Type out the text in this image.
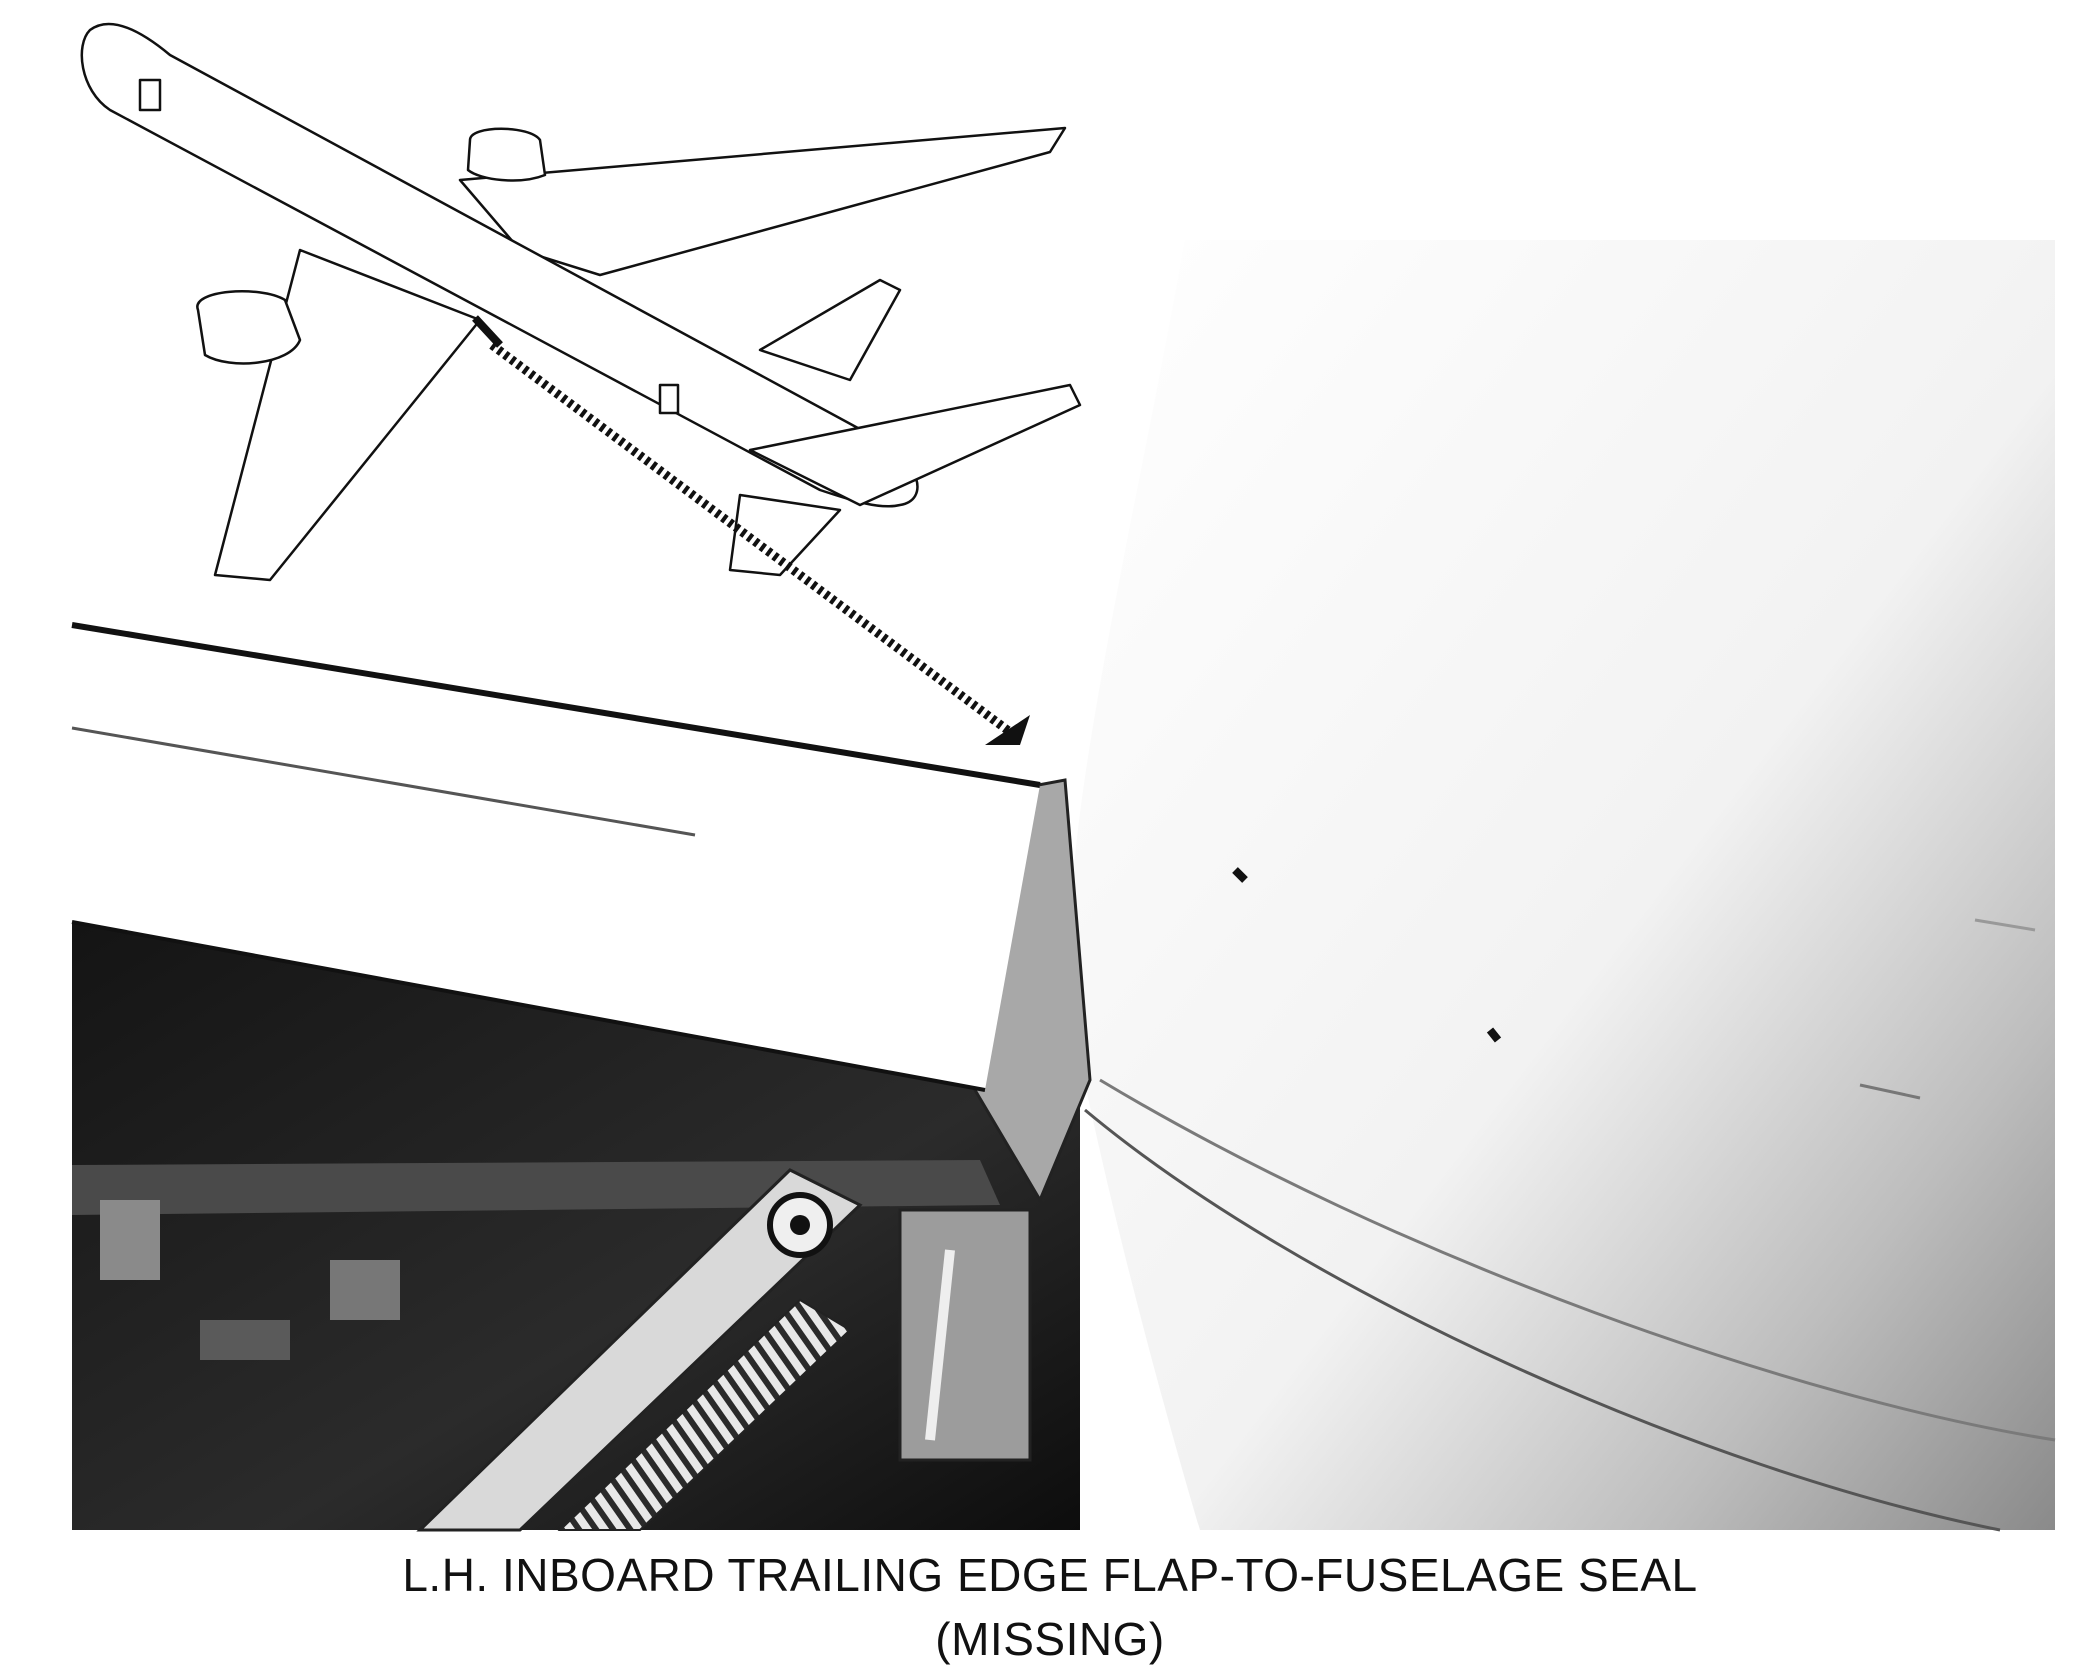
L.H. INBOARD TRAILING EDGE FLAP-TO-FUSELAGE SEAL
(MISSING)
